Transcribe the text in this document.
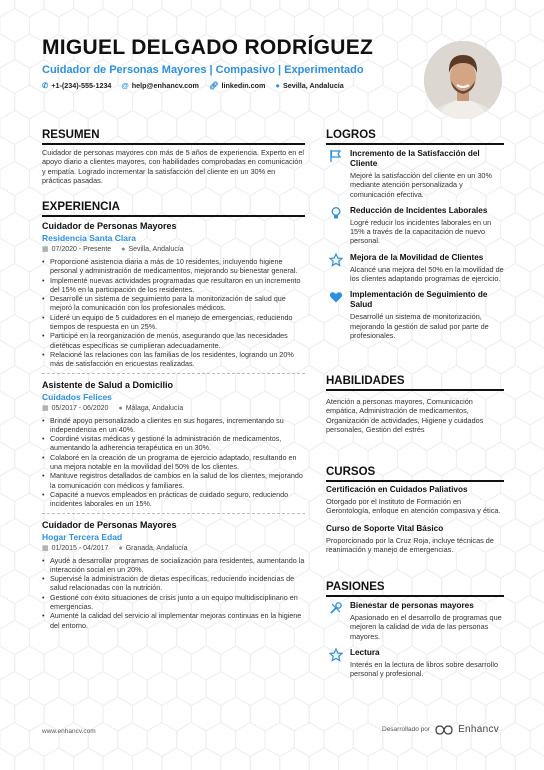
MIGUEL DELGADO RODRÍGUEZ
Cuidador de Personas Mayores | Compasivo | Experimentado
✆ +1-(234)-555-1234 @ help@enhancv.com 🔗︎ linkedin.com ● Sevilla, Andalucía
RESUMEN
Cuidador de personas mayores con más de 5 años de experiencia. Experto en el apoyo diario a clientes mayores, con habilidades comprobadas en comunicación y empatía. Logrado incrementar la satisfacción del cliente en un 30% en prácticas pasadas.
EXPERIENCIA
Cuidador de Personas Mayores
Residencia Santa Clara
▦ 07/2020 - Presente ● Sevilla, Andalucía
• Proporcioné asistencia diaria a más de 10 residentes, incluyendo higiene personal y administración de medicamentos, mejorando su bienestar general.
• Implementé nuevas actividades programadas que resultaron en un incremento del 15% en la participación de los residentes.
• Desarrollé un sistema de seguimiento para la monitorización de salud que mejoró la comunicación con los profesionales médicos.
• Lideré un equipo de 5 cuidadores en el manejo de emergencias, reduciendo tiempos de respuesta en un 25%.
• Participé en la reorganización de menús, asegurando que las necesidades dietéticas específicas se cumplieran adecuadamente.
• Relacioné las relaciones con las familias de los residentes, logrando un 20% más de satisfacción en encuestas realizadas.
Asistente de Salud a Domicilio
Cuidados Felices
▦ 05/2017 - 06/2020 ● Málaga, Andalucía
• Brindé apoyo personalizado a clientes en sus hogares, incrementando su independencia en un 40%.
• Coordiné visitas médicas y gestioné la administración de medicamentos, aumentando la adherencia terapéutica en un 30%.
• Colaboré en la creación de un programa de ejercicio adaptado, resultando en una mejora notable en la movilidad del 50% de los clientes.
• Mantuve registros detallados de cambios en la salud de los clientes, mejorando la comunicación con médicos y familiares.
• Capacité a nuevos empleados en prácticas de cuidado seguro, reduciendo incidentes laborales en un 15%.
Cuidador de Personas Mayores
Hogar Tercera Edad
▦ 01/2015 - 04/2017 ● Granada, Andalucía
• Ayudé a desarrollar programas de socialización para residentes, aumentando la interacción social en un 20%.
• Supervisé la administración de dietas específicas, reduciendo incidencias de salud relacionadas con la nutrición.
• Gestioné con éxito situaciones de crisis junto a un equipo multidisciplinario en emergencias.
• Aumenté la calidad del servicio al implementar mejoras continuas en la higiene del entorno.
LOGROS
Incremento de la Satisfacción del Cliente
Mejoré la satisfacción del cliente en un 30% mediante atención personalizada y comunicación efectiva.
Reducción de Incidentes Laborales
Logré reducir los incidentes laborales en un 15% a través de la capacitación de nuevo personal.
Mejora de la Movilidad de Clientes
Alcancé una mejora del 50% en la movilidad de los clientes adaptando programas de ejercicio.
Implementación de Seguimiento de Salud
Desarrollé un sistema de monitorización, mejorando la gestión de salud por parte de profesionales.
HABILIDADES
Atención a personas mayores, Comunicación empática, Administración de medicamentos, Organización de actividades, Higiene y cuidados personales, Gestión del estrés
CURSOS
Certificación en Cuidados Paliativos
Otorgado por el Instituto de Formación en Gerontología, enfoque en atención compasiva y ética.
Curso de Soporte Vital Básico
Proporcionado por la Cruz Roja, incluye técnicas de reanimación y manejo de emergencias.
PASIONES
Bienestar de personas mayores
Apasionado en el desarrollo de programas que mejoren la calidad de vida de las personas mayores.
Lectura
Interés en la lectura de libros sobre desarrollo personal y profesional.
www.enhancv.com	Desarrollado por	Enhancv
